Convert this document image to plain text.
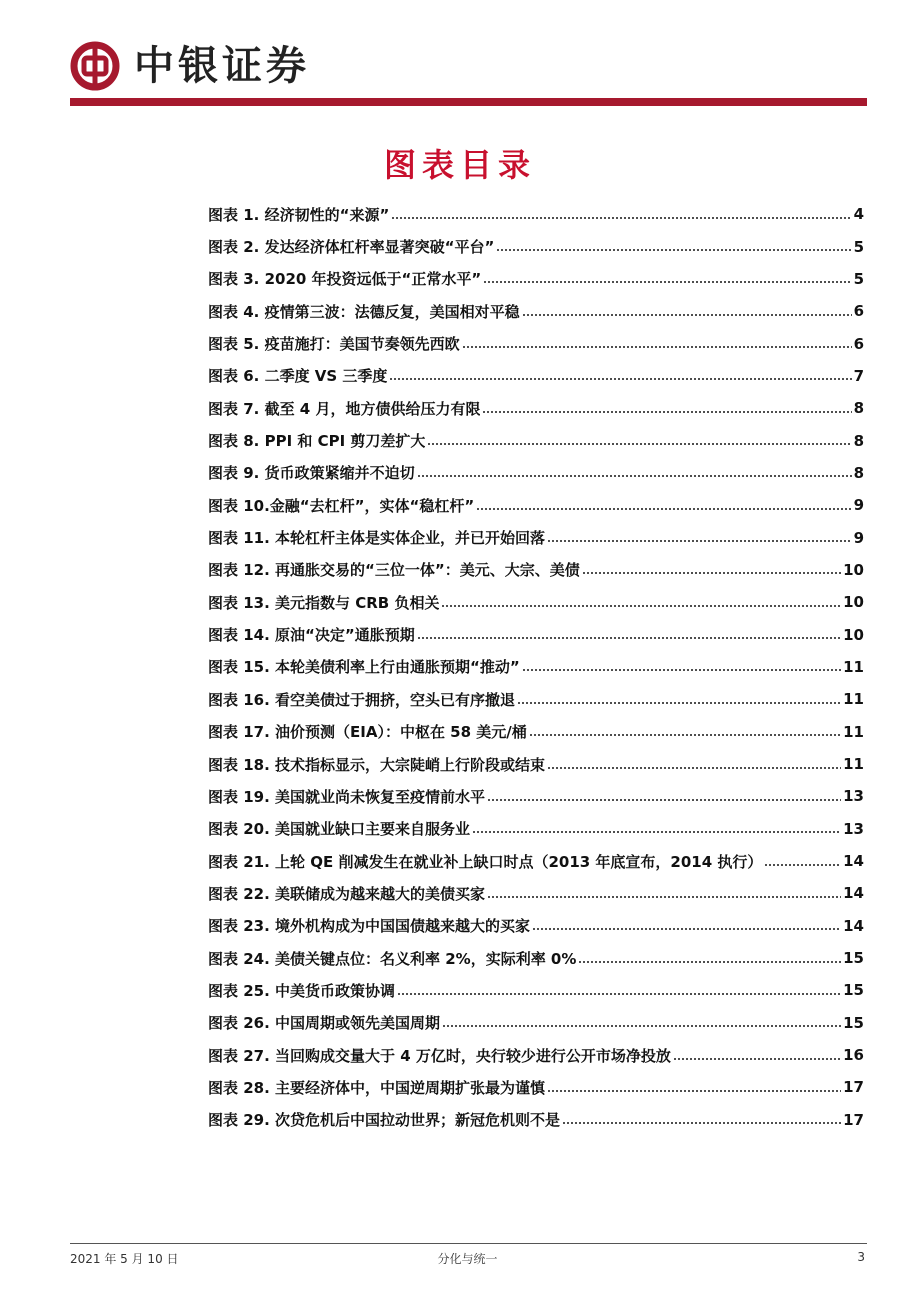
中银证券
图表目录
图表 1. 经济韧性的“来源”	4
图表 2. 发达经济体杠杆率显著突破“平台”	5
图表 3. 2020 年投资远低于“正常水平”	5
图表 4. 疫情第三波：法德反复，美国相对平稳	6
图表 5. 疫苗施打：美国节奏领先西欧	6
图表 6. 二季度 VS 三季度	7
图表 7. 截至 4 月，地方债供给压力有限	8
图表 8. PPI 和 CPI 剪刀差扩大	8
图表 9. 货币政策紧缩并不迫切	8
图表 10.金融“去杠杆”，实体“稳杠杆”	9
图表 11. 本轮杠杆主体是实体企业，并已开始回落	9
图表 12. 再通胀交易的“三位一体”：美元、大宗、美债	10
图表 13. 美元指数与 CRB 负相关	10
图表 14. 原油“决定”通胀预期	10
图表 15. 本轮美债利率上行由通胀预期“推动”	11
图表 16. 看空美债过于拥挤，空头已有序撤退	11
图表 17. 油价预测（EIA）：中枢在 58 美元/桶	11
图表 18. 技术指标显示，大宗陡峭上行阶段或结束	11
图表 19. 美国就业尚未恢复至疫情前水平	13
图表 20. 美国就业缺口主要来自服务业	13
图表 21. 上轮 QE 削减发生在就业补上缺口时点（2013 年底宣布，2014 执行）	14
图表 22. 美联储成为越来越大的美债买家	14
图表 23. 境外机构成为中国国债越来越大的买家	14
图表 24. 美债关键点位：名义利率 2%，实际利率 0%	15
图表 25. 中美货币政策协调	15
图表 26. 中国周期或领先美国周期	15
图表 27. 当回购成交量大于 4 万亿时，央行较少进行公开市场净投放	16
图表 28. 主要经济体中，中国逆周期扩张最为谨慎	17
图表 29. 次贷危机后中国拉动世界；新冠危机则不是	17
2021 年 5 月 10 日	分化与统一	3
